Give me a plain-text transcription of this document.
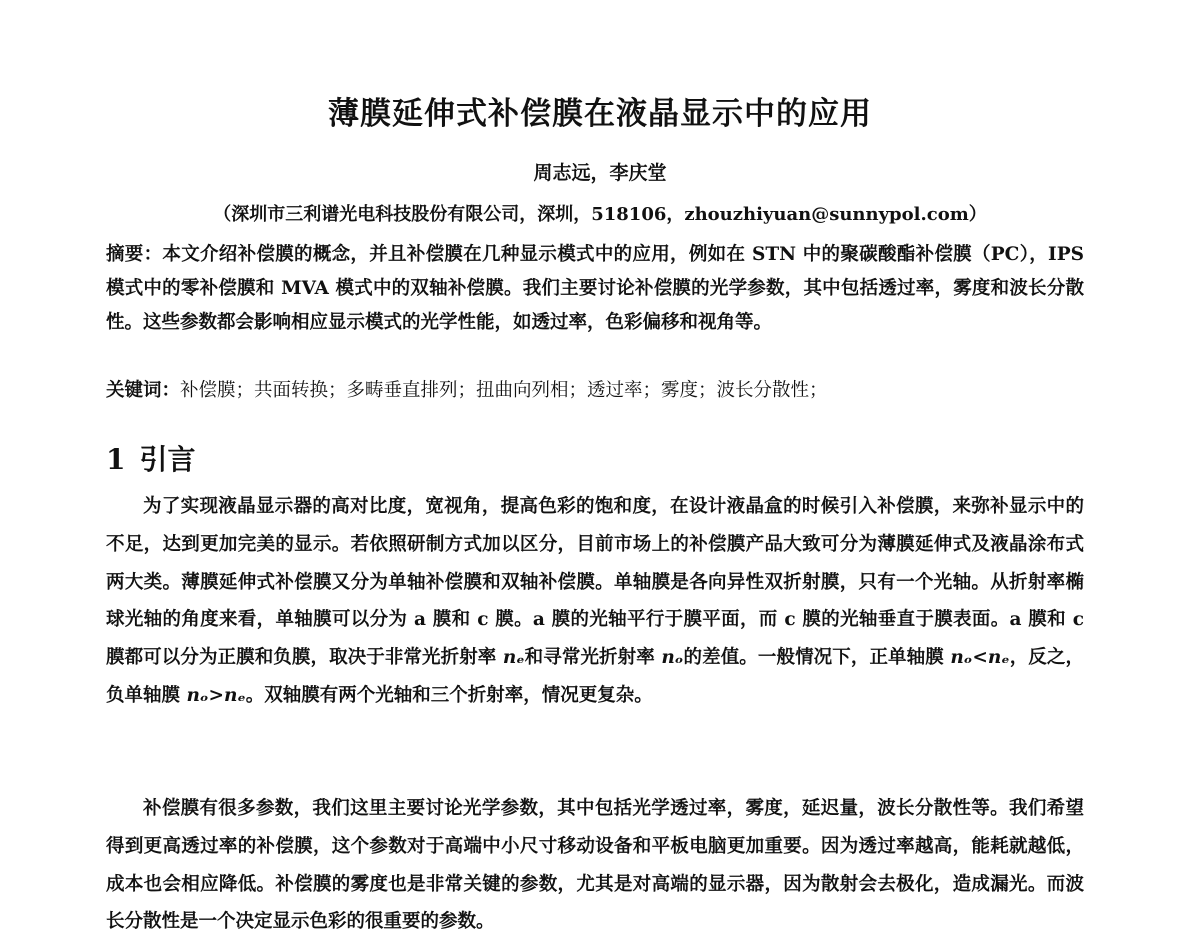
薄膜延伸式补偿膜在液晶显示中的应用

周志远，李庆堂

（深圳市三利谱光电科技股份有限公司，深圳，518106，zhouzhiyuan@sunnypol.com）

摘要：本文介绍补偿膜的概念，并且补偿膜在几种显示模式中的应用，例如在 STN 中的聚碳酸酯补偿膜（PC），IPS 模式中的零补偿膜和 MVA 模式中的双轴补偿膜。我们主要讨论补偿膜的光学参数，其中包括透过率，雾度和波长分散性。这些参数都会影响相应显示模式的光学性能，如透过率，色彩偏移和视角等。

关键词：补偿膜；共面转换；多畴垂直排列；扭曲向列相；透过率；雾度；波长分散性；

1 引言

为了实现液晶显示器的高对比度，宽视角，提高色彩的饱和度，在设计液晶盒的时候引入补偿膜，来弥补显示中的不足，达到更加完美的显示。若依照研制方式加以区分，目前市场上的补偿膜产品大致可分为薄膜延伸式及液晶涂布式两大类。薄膜延伸式补偿膜又分为单轴补偿膜和双轴补偿膜。单轴膜是各向异性双折射膜，只有一个光轴。从折射率椭球光轴的角度来看，单轴膜可以分为 a 膜和 c 膜。a 膜的光轴平行于膜平面，而 c 膜的光轴垂直于膜表面。a 膜和 c 膜都可以分为正膜和负膜，取决于非常光折射率 nₑ和寻常光折射率 nₒ的差值。一般情况下，正单轴膜 nₒ<nₑ，反之，负单轴膜 nₒ>nₑ。双轴膜有两个光轴和三个折射率，情况更复杂。

补偿膜有很多参数，我们这里主要讨论光学参数，其中包括光学透过率，雾度，延迟量，波长分散性等。我们希望得到更高透过率的补偿膜，这个参数对于高端中小尺寸移动设备和平板电脑更加重要。因为透过率越高，能耗就越低，成本也会相应降低。补偿膜的雾度也是非常关键的参数，尤其是对高端的显示器，因为散射会去极化，造成漏光。而波长分散性是一个决定显示色彩的很重要的参数。
